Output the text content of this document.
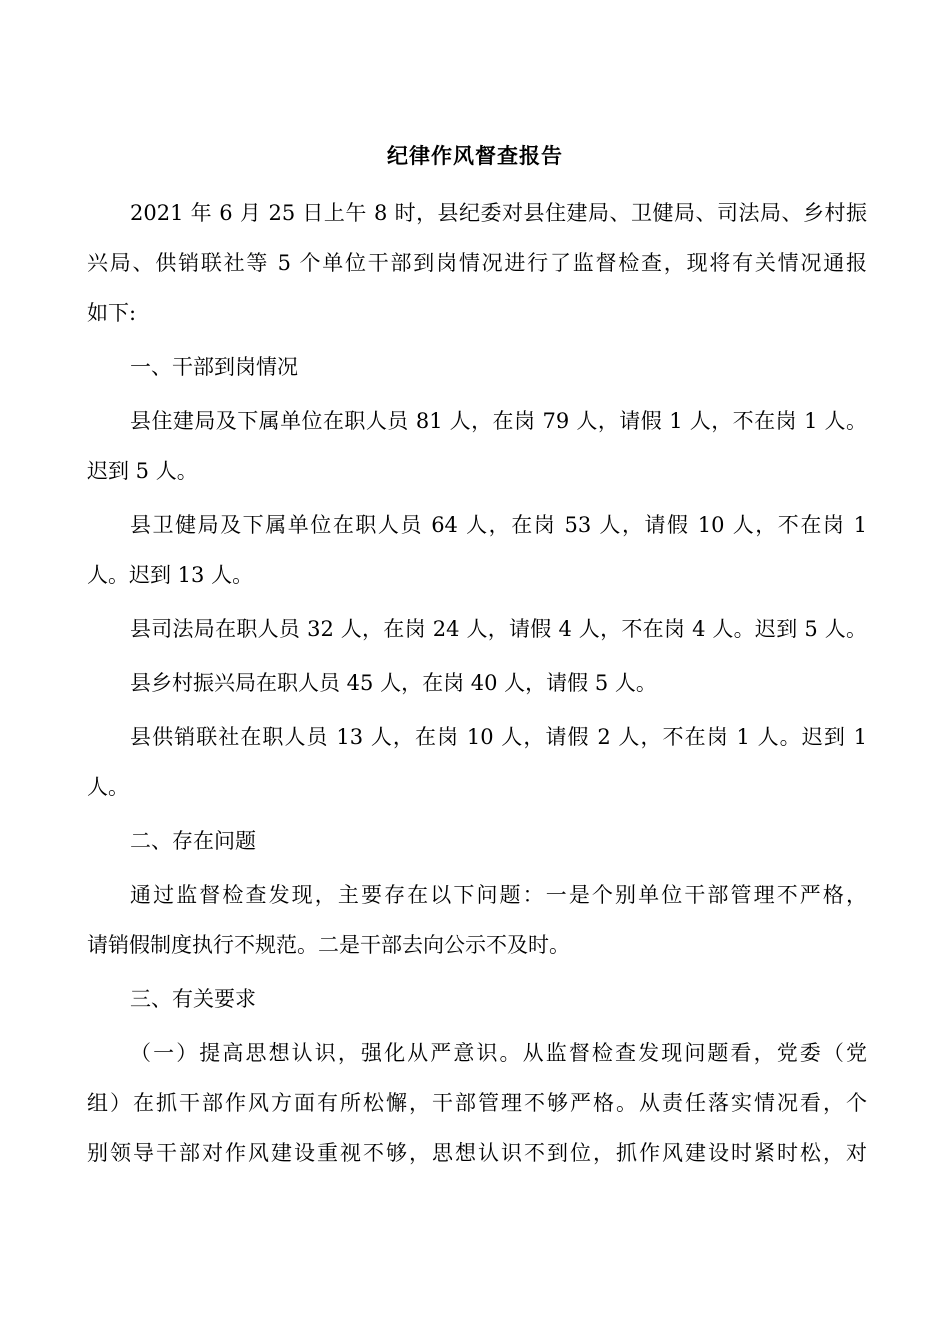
纪律作风督查报告
2021 年 6 月 25 日上午 8 时，县纪委对县住建局、卫健局、司法局、乡村振
兴局、供销联社等 5 个单位干部到岗情况进行了监督检查，现将有关情况通报
如下:
一、干部到岗情况
县住建局及下属单位在职人员 81 人，在岗 79 人，请假 1 人，不在岗 1 人。
迟到 5 人。
县卫健局及下属单位在职人员 64 人，在岗 53 人，请假 10 人，不在岗 1
人。迟到 13 人。
县司法局在职人员 32 人，在岗 24 人，请假 4 人，不在岗 4 人。迟到 5 人。
县乡村振兴局在职人员 45 人，在岗 40 人，请假 5 人。
县供销联社在职人员 13 人，在岗 10 人，请假 2 人，不在岗 1 人。迟到 1
人。
二、存在问题
通过监督检查发现，主要存在以下问题：一是个别单位干部管理不严格，
请销假制度执行不规范。二是干部去向公示不及时。
三、有关要求
（一）提高思想认识，强化从严意识。从监督检查发现问题看，党委（党
组）在抓干部作风方面有所松懈，干部管理不够严格。从责任落实情况看，个
别领导干部对作风建设重视不够，思想认识不到位，抓作风建设时紧时松，对
